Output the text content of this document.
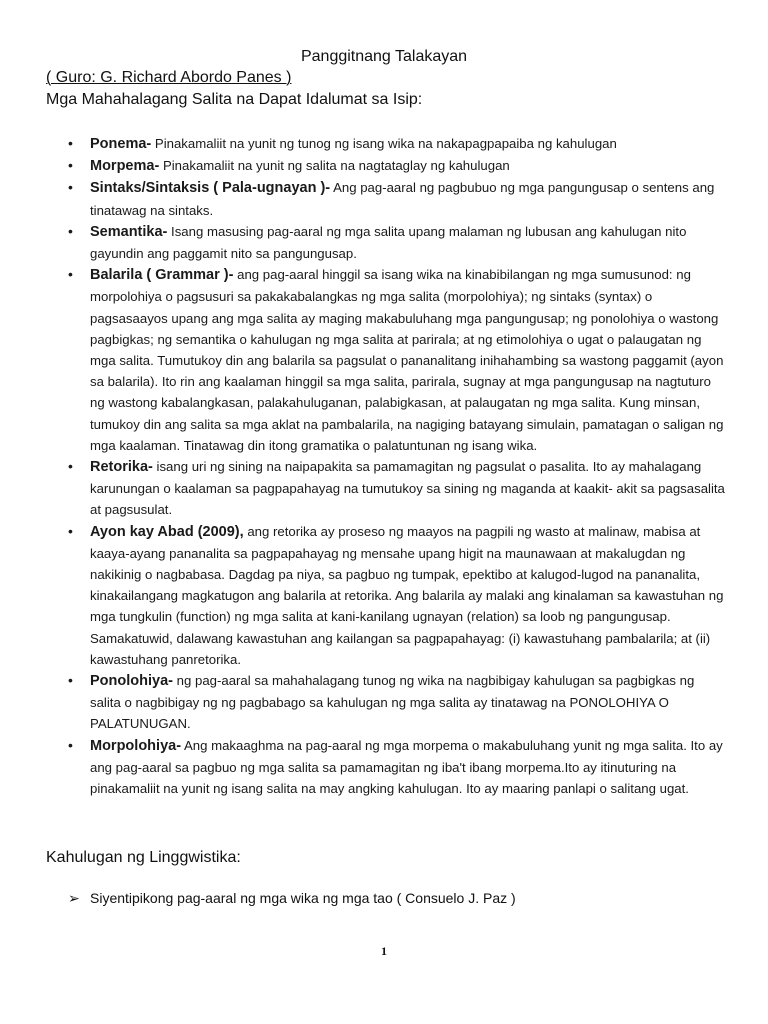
Panggitnang Talakayan

( Guro: G. Richard Abordo Panes )

Mga Mahahalagang Salita na Dapat Idalumat sa Isip:

• Ponema- Pinakamaliit na yunit ng tunog ng isang wika na nakapagpapaiba ng kahulugan
• Morpema- Pinakamaliit na yunit ng salita na nagtataglay ng kahulugan
• Sintaks/Sintaksis ( Pala-ugnayan )- Ang pag-aaral ng pagbubuo ng mga pangungusap o sentens ang tinatawag na sintaks.
• Semantika- Isang masusing pag-aaral ng mga salita upang malaman ng lubusan ang kahulugan nito gayundin ang paggamit nito sa pangungusap.
• Balarila ( Grammar )- ang pag-aaral hinggil sa isang wika na kinabibilangan ng mga sumusunod: ng morpolohiya o pagsusuri sa pakakabalangkas ng mga salita (morpolohiya); ng sintaks (syntax) o pagsasaayos upang ang mga salita ay maging makabuluhang mga pangungusap; ng ponolohiya o wastong pagbigkas; ng semantika o kahulugan ng mga salita at parirala; at ng etimolohiya o ugat o palaugatan ng mga salita. Tumutukoy din ang balarila sa pagsulat o pananalitang inihahambing sa wastong paggamit (ayon sa balarila). Ito rin ang kaalaman hinggil sa mga salita, parirala, sugnay at mga pangungusap na nagtuturo ng wastong kabalangkasan, palakahuluganan, palabigkasan, at palaugatan ng mga salita. Kung minsan, tumukoy din ang salita sa mga aklat na pambalarila, na nagiging batayang simulain, pamatagan o saligan ng mga kaalaman. Tinatawag din itong gramatika o palatuntunan ng isang wika.
• Retorika- isang uri ng sining na naipapakita sa pamamagitan ng pagsulat o pasalita. Ito ay mahalagang karunungan o kaalaman sa pagpapahayag na tumutukoy sa sining ng maganda at kaakit- akit sa pagsasalita at pagsusulat.
• Ayon kay Abad (2009), ang retorika ay proseso ng maayos na pagpili ng wasto at malinaw, mabisa at kaaya-ayang pananalita sa pagpapahayag ng mensahe upang higit na maunawaan at makalugdan ng nakikinig o nagbabasa. Dagdag pa niya, sa pagbuo ng tumpak, epektibo at kalugod-lugod na pananalita, kinakailangang magkatugon ang balarila at retorika. Ang balarila ay malaki ang kinalaman sa kawastuhan ng mga tungkulin (function) ng mga salita at kani-kanilang ugnayan (relation) sa loob ng pangungusap. Samakatuwid, dalawang kawastuhan ang kailangan sa pagpapahayag: (i) kawastuhang pambalarila; at (ii) kawastuhang panretorika.
• Ponolohiya- ng pag-aaral sa mahahalagang tunog ng wika na nagbibigay kahulugan sa pagbigkas ng salita o nagbibigay ng ng pagbabago sa kahulugan ng mga salita ay tinatawag na PONOLOHIYA O PALATUNUGAN.
• Morpolohiya- Ang makaaghma na pag-aaral ng mga morpema o makabuluhang yunit ng mga salita. Ito ay ang pag-aaral sa pagbuo ng mga salita sa pamamagitan ng iba't ibang morpema.Ito ay itinuturing na pinakamaliit na yunit ng isang salita na may angking kahulugan. Ito ay maaring panlapi o salitang ugat.

Kahulugan ng Linggwistika:

➢ Siyentipikong pag-aaral ng mga wika ng mga tao ( Consuelo J. Paz )
1
